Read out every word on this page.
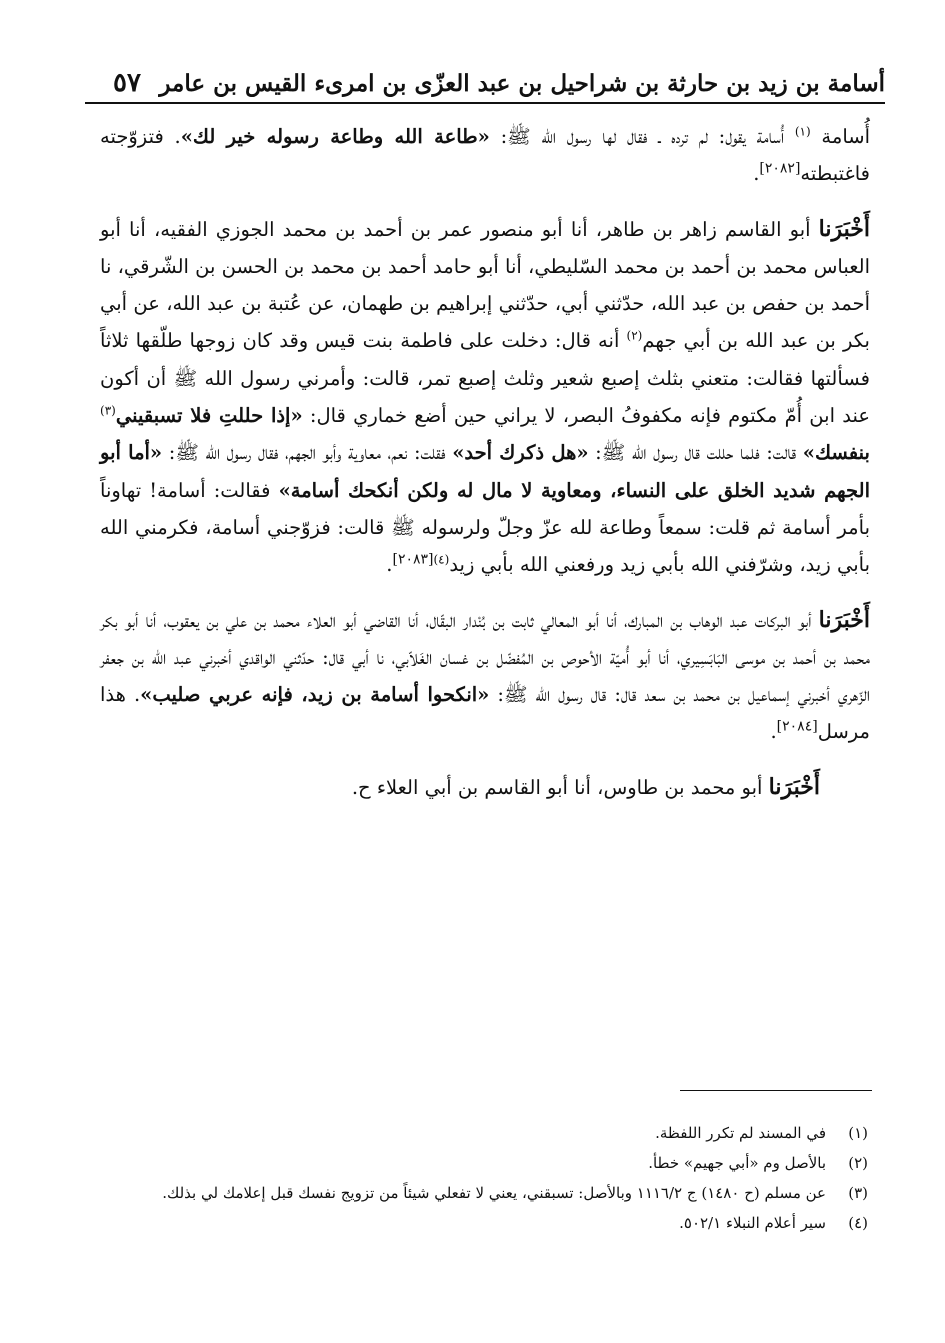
أسامة بن زيد بن حارثة بن شراحيل بن عبد العزّى بن امرىء القيس بن عامر
٥٧

أُسامة $^{(١)}$ أُسامة يقول: لم ترده ـ فقال لها رسول الله ﷺ: «طاعة الله وطاعة رسوله خير لك». فتزوّجته فاغتبطته[٢٠٨٢].

أَخْبَرَنا أبو القاسم زاهر بن طاهر، أنا أبو منصور عمر بن أحمد بن محمد الجوزي الفقيه، أنا أبو العباس محمد بن أحمد بن محمد السّليطي، أنا أبو حامد أحمد بن محمد بن الحسن بن الشّرقي، نا أحمد بن حفص بن عبد الله، حدّثني أبي، حدّثني إبراهيم بن طهمان، عن عُتبة بن عبد الله، عن أبي بكر بن عبد الله بن أبي جهم$^{(٢)}$ أنه قال: دخلت على فاطمة بنت قيس وقد كان زوجها طلّقها ثلاثاً فسألتها فقالت: متعني بثلث إصبع شعير وثلث إصبع تمر، قالت: وأمرني رسول الله ﷺ أن أكون عند ابن أُمّ مكتوم فإنه مكفوفُ البصر، لا يراني حين أضع خماري قال: «إذا حللتِ فلا تسبقيني$^{(٣)}$ بنفسك» قالت: فلما حللت قال رسول الله ﷺ: «هل ذكرك أحد» فقلت: نعم، معاوية وأبو الجهم، فقال رسول الله ﷺ: «أما أبو الجهم شديد الخلق على النساء، ومعاوية لا مال له ولكن أنكحك أسامة» فقالت: أسامة! تهاوناً بأمر أسامة ثم قلت: سمعاً وطاعة لله عزّ وجلّ ولرسوله ﷺ قالت: فزوّجني أسامة، فكرمني الله بأبي زيد، وشرّفني الله بأبي زيد ورفعني الله بأبي زيد$^{(٤)[٢٠٨٣]}$.

أَخْبَرَنا أبو البركات عبد الوهاب بن المبارك، أنا أبو المعالي ثابت بن بُنْدار البقّال، أنا القاضي أبو العلاء محمد بن علي بن يعقوب، أنا أبو بكر محمد بن أحمد بن موسى البَابَسِيري، أنا أبو أُميّة الأحوص بن المُفضّل بن غسان الغَلاّبي، نا أبي قال: حدّثني الواقدي أخبرني عبد الله بن جعفر الزّهري أخبرني إسماعيل بن محمد بن سعد قال: قال رسول الله ﷺ: «انكحوا أسامة بن زيد، فإنه عربي صليب». هذا مرسل[٢٠٨٤].

أَخْبَرَنا أبو محمد بن طاوس، أنا أبو القاسم بن أبي العلاء ح.

(١)في المسند لم تكرر اللفظة.

(٢)بالأصل وم «أبي جهيم» خطأ.

(٣)عن مسلم (ح ١٤٨٠) ج ١١١٦/٢ وبالأصل: تسبقني، يعني لا تفعلي شيئاً من تزويج نفسك قبل إعلامك لي بذلك.

(٤)سير أعلام النبلاء ٥٠٢/١.
